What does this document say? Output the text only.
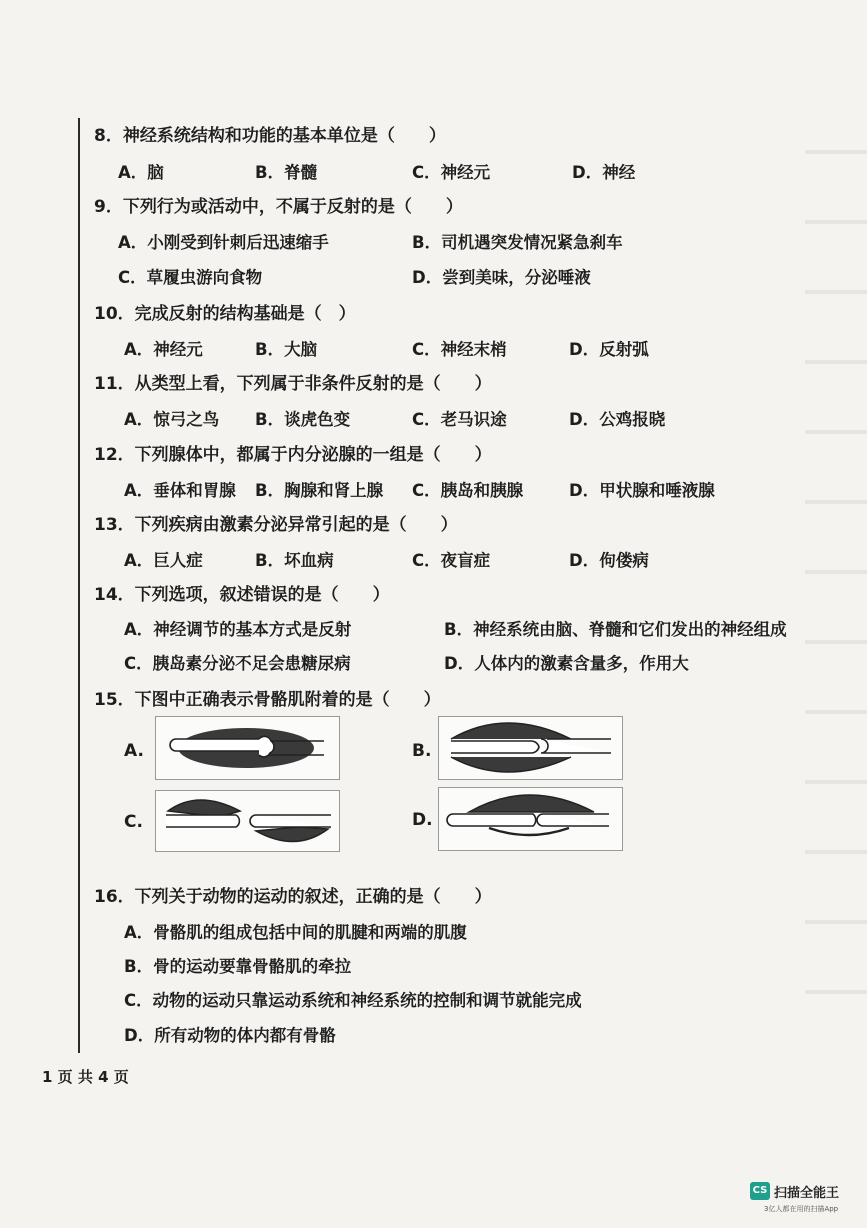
8．神经系统结构和功能的基本单位是（　　）
A．脑	B．脊髓	C．神经元	D．神经
9．下列行为或活动中，不属于反射的是（　　）
A．小刚受到针刺后迅速缩手	B．司机遇突发情况紧急刹车
C．草履虫游向食物	D．尝到美味，分泌唾液
10．完成反射的结构基础是（　）
A．神经元	B．大脑	C．神经末梢	D．反射弧
11．从类型上看，下列属于非条件反射的是（　　）
A．惊弓之鸟 B．谈虎色变	C．老马识途	D．公鸡报晓
12．下列腺体中，都属于内分泌腺的一组是（　　）
A．垂体和胃腺 B．胸腺和肾上腺 C．胰岛和胰腺	D．甲状腺和唾液腺
13．下列疾病由激素分泌异常引起的是（　　）
A．巨人症	B．坏血病	C．夜盲症	D．佝偻病
14．下列选项，叙述错误的是（　　）
A．神经调节的基本方式是反射	B．神经系统由脑、脊髓和它们发出的神经组成
C．胰岛素分泌不足会患糖尿病	D．人体内的激素含量多，作用大
15．下图中正确表示骨骼肌附着的是（　　）
A.	B.
C.	D.
16．下列关于动物的运动的叙述，正确的是（　　）
A．骨骼肌的组成包括中间的肌腱和两端的肌腹
B．骨的运动要靠骨骼肌的牵拉
C．动物的运动只靠运动系统和神经系统的控制和调节就能完成
D．所有动物的体内都有骨骼
1 页 共 4 页
CS 扫描全能王
3亿人都在用的扫描App
